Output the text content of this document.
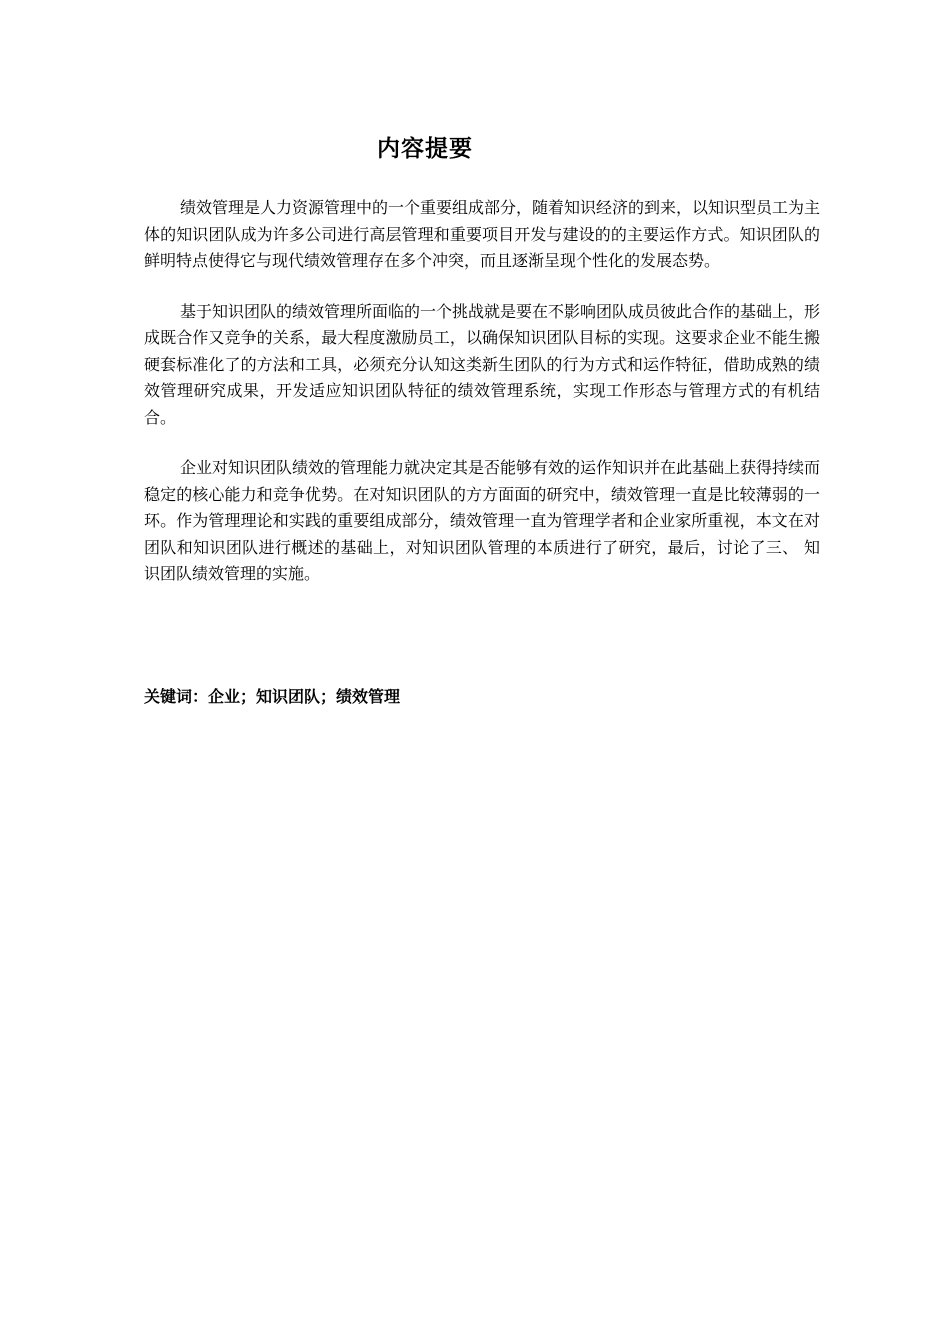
内容提要

绩效管理是人力资源管理中的一个重要组成部分，随着知识经济的到来，以知识型员工为主体的知识团队成为许多公司进行高层管理和重要项目开发与建设的的主要运作方式。知识团队的鲜明特点使得它与现代绩效管理存在多个冲突，而且逐渐呈现个性化的发展态势。

基于知识团队的绩效管理所面临的一个挑战就是要在不影响团队成员彼此合作的基础上，形成既合作又竞争的关系，最大程度激励员工，以确保知识团队目标的实现。这要求企业不能生搬硬套标准化了的方法和工具，必须充分认知这类新生团队的行为方式和运作特征，借助成熟的绩效管理研究成果，开发适应知识团队特征的绩效管理系统，实现工作形态与管理方式的有机结合。

企业对知识团队绩效的管理能力就决定其是否能够有效的运作知识并在此基础上获得持续而稳定的核心能力和竞争优势。在对知识团队的方方面面的研究中，绩效管理一直是比较薄弱的一环。作为管理理论和实践的重要组成部分，绩效管理一直为管理学者和企业家所重视，本文在对团队和知识团队进行概述的基础上，对知识团队管理的本质进行了研究，最后，讨论了三、 知识团队绩效管理的实施。

关键词：企业；知识团队；绩效管理
